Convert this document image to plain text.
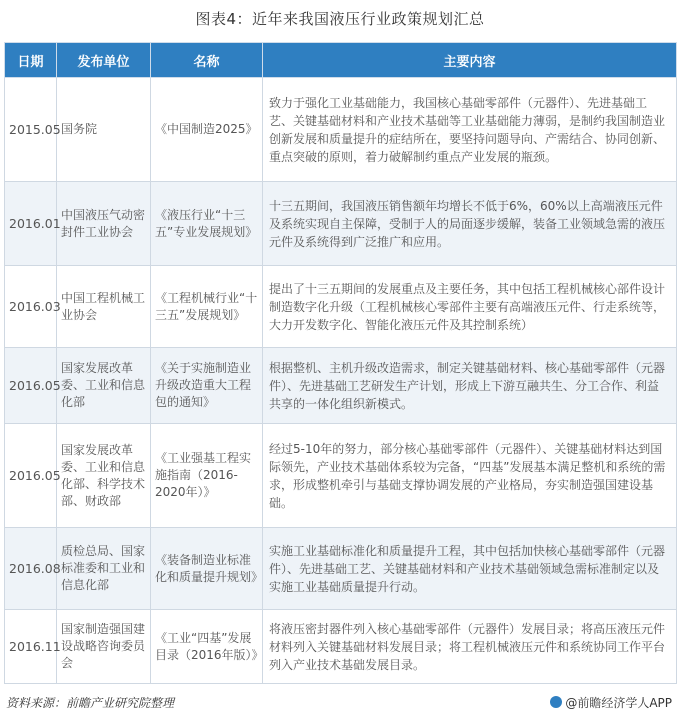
图表4：近年来我国液压行业政策规划汇总
日期	发布单位	名称	主要内容
2015.05	国务院	《中国制造2025》	致力于强化工业基础能力，我国核心基础零部件（元器件）、先进基础工艺、关键基础材料和产业技术基础等工业基础能力薄弱，是制约我国制造业创新发展和质量提升的症结所在，要坚持问题导向、产需结合、协同创新、重点突破的原则，着力破解制约重点产业发展的瓶颈。
2016.01	中国液压气动密封件工业协会	《液压行业“十三五”专业发展规划》	十三五期间，我国液压销售额年均增长不低于6%，60%以上高端液压元件及系统实现自主保障，受制于人的局面逐步缓解，装备工业领域急需的液压元件及系统得到广泛推广和应用。
2016.03	中国工程机械工业协会	《工程机械行业“十三五”发展规划》	提出了十三五期间的发展重点及主要任务，其中包括工程机械核心部件设计制造数字化升级（工程机械核心零部件主要有高端液压元件、行走系统等，大力开发数字化、智能化液压元件及其控制系统）
2016.05	国家发展改革委、工业和信息化部	《关于实施制造业升级改造重大工程包的通知》	根据整机、主机升级改造需求，制定关键基础材料、核心基础零部件（元器件）、先进基础工艺研发生产计划，形成上下游互融共生、分工合作、利益共享的一体化组织新模式。
2016.05	国家发展改革委、工业和信息化部、科学技术部、财政部	《工业强基工程实施指南（2016-2020年）》	经过5-10年的努力，部分核心基础零部件（元器件）、关键基础材料达到国际领先，产业技术基础体系较为完备，“四基”发展基本满足整机和系统的需求，形成整机牵引与基础支撑协调发展的产业格局，夯实制造强国建设基础。
2016.08	质检总局、国家标准委和工业和信息化部	《装备制造业标准化和质量提升规划》	实施工业基础标准化和质量提升工程，其中包括加快核心基础零部件（元器件）、先进基础工艺、关键基础材料和产业技术基础领域急需标准制定以及实施工业基础质量提升行动。
2016.11	国家制造强国建设战略咨询委员会	《工业“四基”发展目录（2016年版）》	将液压密封器件列入核心基础零部件（元器件）发展目录；将高压液压元件材料列入关键基础材料发展目录；将工程机械液压元件和系统协同工作平台列入产业技术基础发展目录。
资料来源：前瞻产业研究院整理	@前瞻经济学人APP
